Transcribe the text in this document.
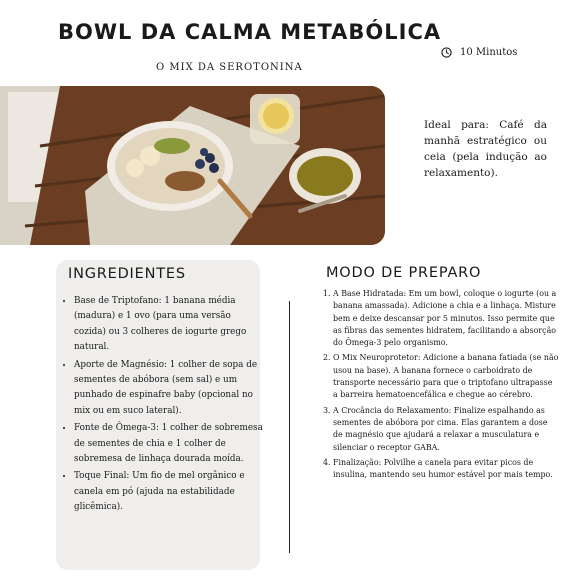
BOWL DA CALMA METABÓLICA
O MIX DA SEROTONINA
10 Minutos
Ideal para: Café da manhã estratégico ou ceia (pela indução ao relaxamento).
INGREDIENTES
• Base de Triptofano: 1 banana média (madura) e 1 ovo (para uma versão cozida) ou 3 colheres de iogurte grego natural.
• Aporte de Magnésio: 1 colher de sopa de sementes de abóbora (sem sal) e um punhado de espinafre baby (opcional no mix ou em suco lateral).
• Fonte de Ômega-3: 1 colher de sobremesa de sementes de chia e 1 colher de sobremesa de linhaça dourada moída.
• Toque Final: Um fio de mel orgânico e canela em pó (ajuda na estabilidade glicêmica).
MODO DE PREPARO
1. A Base Hidratada: Em um bowl, coloque o iogurte (ou a banana amassada). Adicione a chia e a linhaça. Misture bem e deixe descansar por 5 minutos. Isso permite que as fibras das sementes hidratem, facilitando a absorção do Ômega-3 pelo organismo.
2. O Mix Neuroprotetor: Adicione a banana fatiada (se não usou na base). A banana fornece o carboidrato de transporte necessário para que o triptofano ultrapasse a barreira hematoencefálica e chegue ao cérebro.
3. A Crocância do Relaxamento: Finalize espalhando as sementes de abóbora por cima. Elas garantem a dose de magnésio que ajudará a relaxar a musculatura e silenciar o receptor GABA.
4. Finalização: Polvilhe a canela para evitar picos de insulina, mantendo seu humor estável por mais tempo.
